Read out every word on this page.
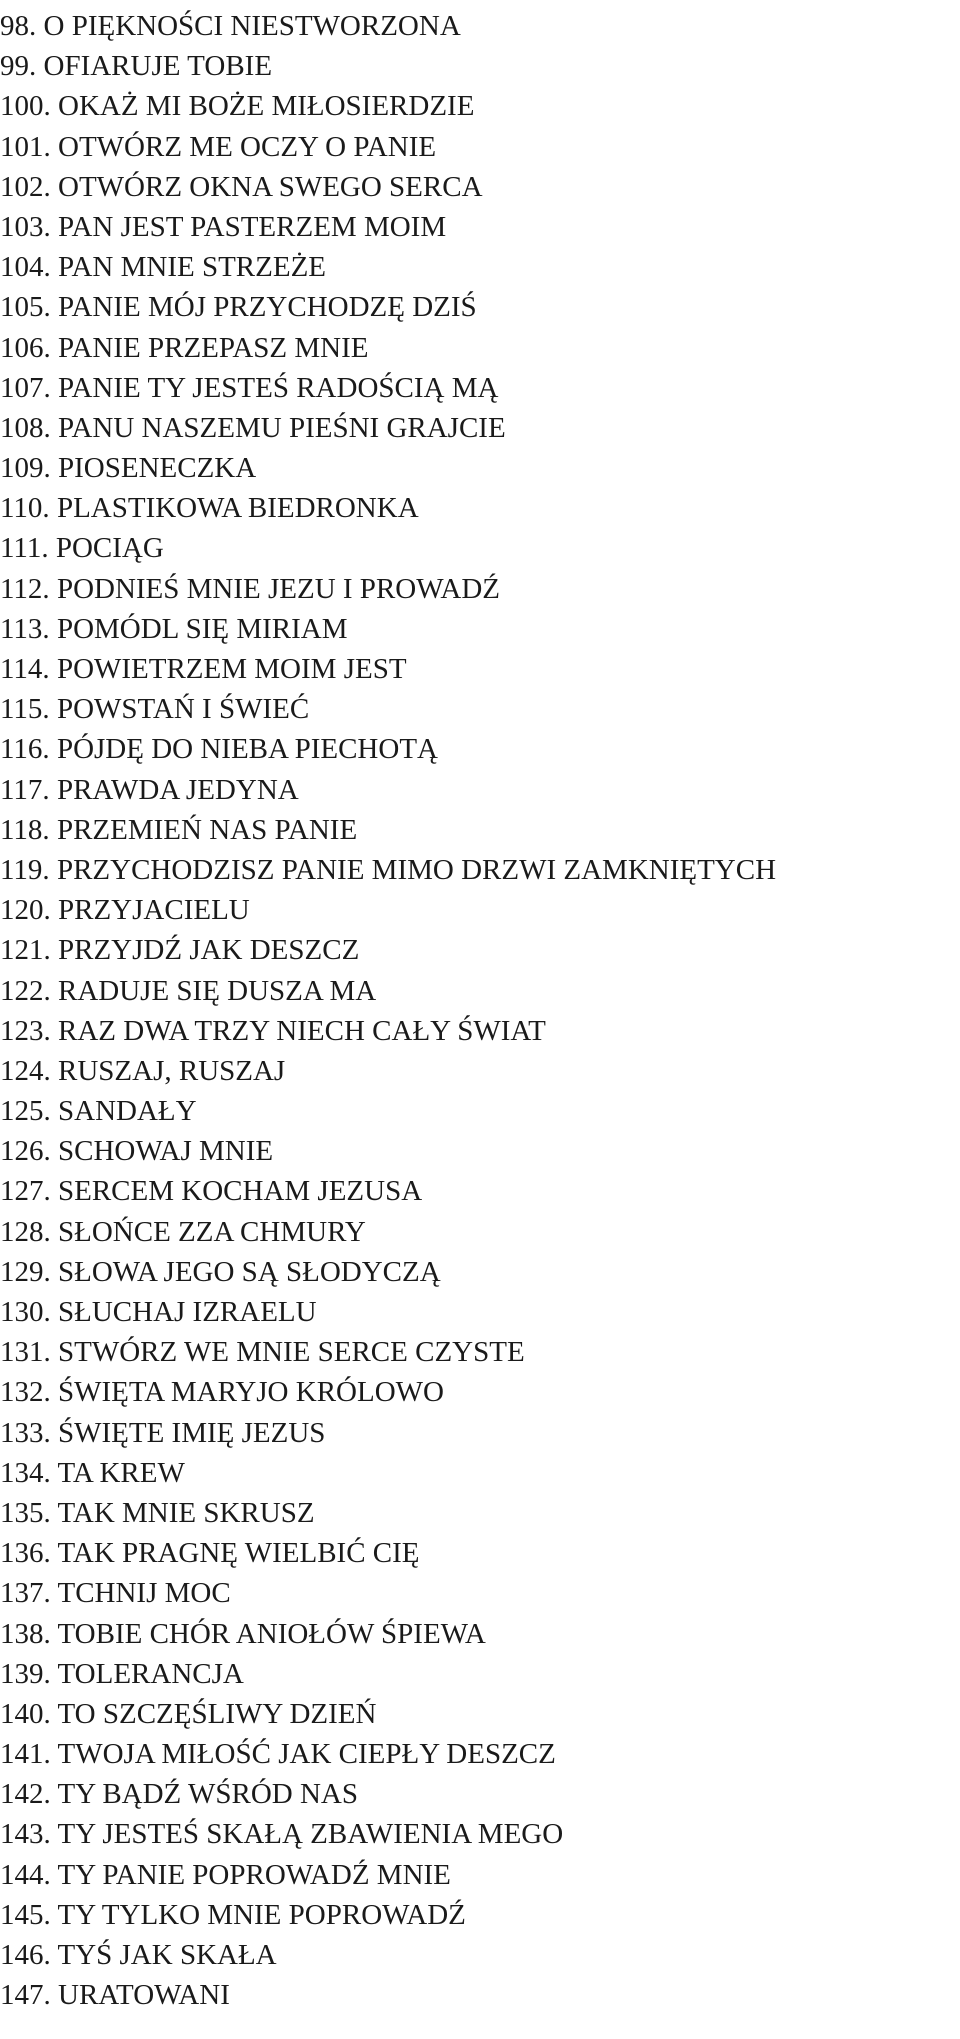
98. O PIĘKNOŚCI NIESTWORZONA
99. OFIARUJE TOBIE
100. OKAŻ MI BOŻE MIŁOSIERDZIE
101. OTWÓRZ ME OCZY O PANIE
102. OTWÓRZ OKNA SWEGO SERCA
103. PAN JEST PASTERZEM MOIM
104. PAN MNIE STRZEŻE
105. PANIE MÓJ PRZYCHODZĘ DZIŚ
106. PANIE PRZEPASZ MNIE
107. PANIE TY JESTEŚ RADOŚCIĄ MĄ
108. PANU NASZEMU PIEŚNI GRAJCIE
109. PIOSENECZKA
110. PLASTIKOWA BIEDRONKA
111. POCIĄG
112. PODNIEŚ MNIE JEZU I PROWADŹ
113. POMÓDL SIĘ MIRIAM
114. POWIETRZEM MOIM JEST
115. POWSTAŃ I ŚWIEĆ
116. PÓJDĘ DO NIEBA PIECHOTĄ
117. PRAWDA JEDYNA
118. PRZEMIEŃ NAS PANIE
119. PRZYCHODZISZ PANIE MIMO DRZWI ZAMKNIĘTYCH
120. PRZYJACIELU
121. PRZYJDŹ JAK DESZCZ
122. RADUJE SIĘ DUSZA MA
123. RAZ DWA TRZY NIECH CAŁY ŚWIAT
124. RUSZAJ, RUSZAJ
125. SANDAŁY
126. SCHOWAJ MNIE
127. SERCEM KOCHAM JEZUSA
128. SŁOŃCE ZZA CHMURY
129. SŁOWA JEGO SĄ SŁODYCZĄ
130. SŁUCHAJ IZRAELU
131. STWÓRZ WE MNIE SERCE CZYSTE
132. ŚWIĘTA MARYJO KRÓLOWO
133. ŚWIĘTE IMIĘ JEZUS
134. TA KREW
135. TAK MNIE SKRUSZ
136. TAK PRAGNĘ WIELBIĆ CIĘ
137. TCHNIJ MOC
138. TOBIE CHÓR ANIOŁÓW ŚPIEWA
139. TOLERANCJA
140. TO SZCZĘŚLIWY DZIEŃ
141. TWOJA MIŁOŚĆ JAK CIEPŁY DESZCZ
142. TY BĄDŹ WŚRÓD NAS
143. TY JESTEŚ SKAŁĄ ZBAWIENIA MEGO
144. TY PANIE POPROWADŹ MNIE
145. TY TYLKO MNIE POPROWADŹ
146. TYŚ JAK SKAŁA
147. URATOWANI
